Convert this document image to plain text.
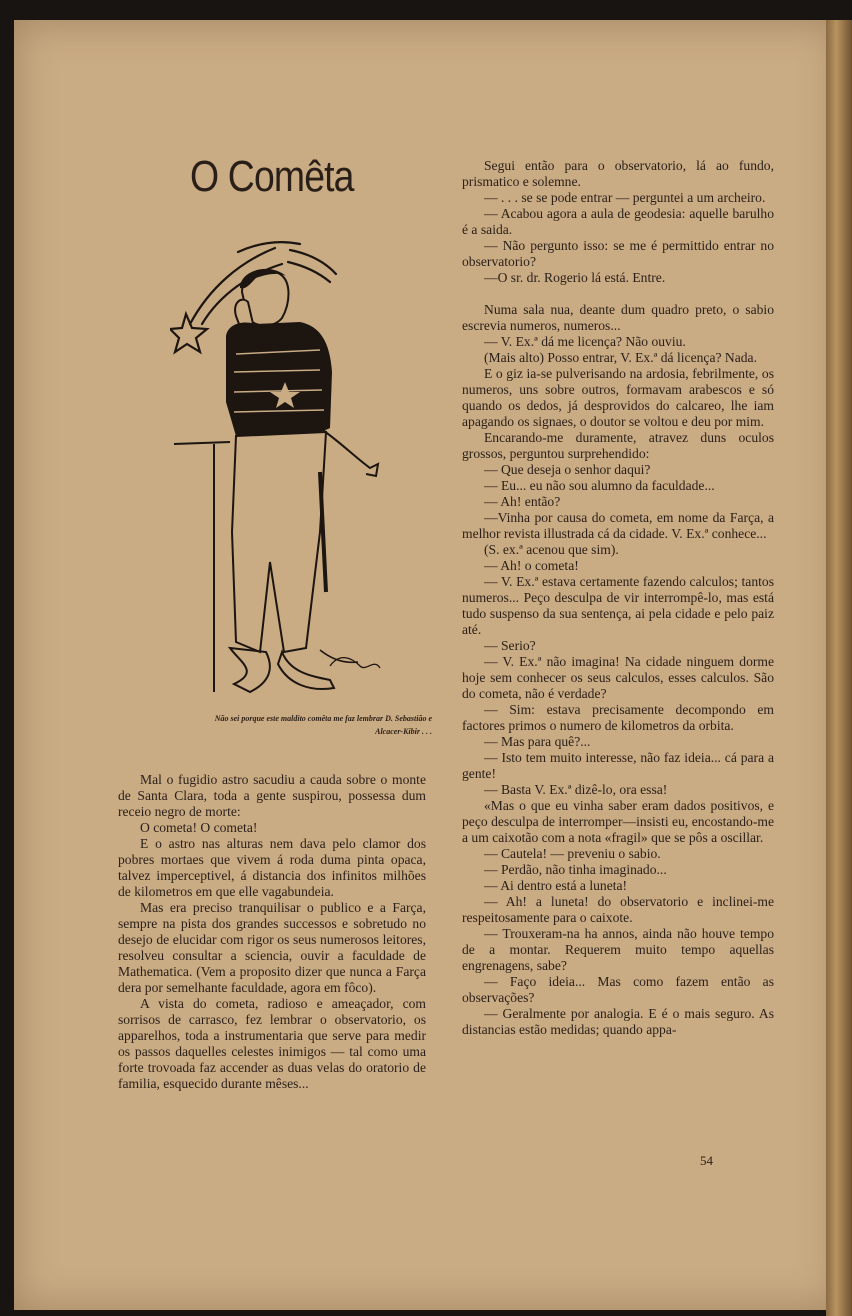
O Comêta
Não sei porque este maldito comêta me faz lembrar D. Sebastião e Alcacer-Kibir . . .

Mal o fugidio astro sacudiu a cauda sobre o monte de Santa Clara, toda a gente suspirou, possessa dum receio negro de morte:

O cometa! O cometa!

E o astro nas alturas nem dava pelo clamor dos pobres mortaes que vivem á roda duma pinta opaca, talvez imperceptivel, á distancia dos infinitos milhões de kilometros em que elle vagabundeia.

Mas era preciso tranquilisar o publico e a Farça, sempre na pista dos grandes successos e sobretudo no desejo de elucidar com rigor os seus numerosos leitores, resolveu consultar a sciencia, ouvir a faculdade de Mathematica. (Vem a proposito dizer que nunca a Farça dera por semelhante faculdade, agora em fôco).

A vista do cometa, radioso e ameaçador, com sorrisos de carrasco, fez lembrar o observatorio, os apparelhos, toda a instrumentaria que serve para medir os passos daquelles celestes inimigos — tal como uma forte trovoada faz accender as duas velas do oratorio de familia, esquecido durante mêses...

Segui então para o observatorio, lá ao fundo, prismatico e solemne.

— . . . se se pode entrar — perguntei a um archeiro.

— Acabou agora a aula de geodesia: aquelle barulho é a saida.

— Não pergunto isso: se me é permittido entrar no observatorio?

—O sr. dr. Rogerio lá está. Entre.

Numa sala nua, deante dum quadro preto, o sabio escrevia numeros, numeros...

— V. Ex.ª dá me licença? Não ouviu.

(Mais alto) Posso entrar, V. Ex.ª dá licença? Nada.

E o giz ia-se pulverisando na ardosia, febrilmente, os numeros, uns sobre outros, formavam arabescos e só quando os dedos, já desprovidos do calcareo, lhe iam apagando os signaes, o doutor se voltou e deu por mim.

Encarando-me duramente, atravez duns oculos grossos, perguntou surprehendido:

— Que deseja o senhor daqui?

— Eu... eu não sou alumno da faculdade...

— Ah! então?

—Vinha por causa do cometa, em nome da Farça, a melhor revista illustrada cá da cidade. V. Ex.ª conhece...

(S. ex.ª acenou que sim).

— Ah! o cometa!

— V. Ex.ª estava certamente fazendo calculos; tantos numeros... Peço desculpa de vir interrompê-lo, mas está tudo suspenso da sua sentença, ai pela cidade e pelo paiz até.

— Serio?

— V. Ex.ª não imagina! Na cidade ninguem dorme hoje sem conhecer os seus calculos, esses calculos. São do cometa, não é verdade?

— Sim: estava precisamente decompondo em factores primos o numero de kilometros da orbita.

— Mas para quê?...

— Isto tem muito interesse, não faz ideia... cá para a gente!

— Basta V. Ex.ª dizê-lo, ora essa!

«Mas o que eu vinha saber eram dados positivos, e peço desculpa de interromper—insisti eu, encostando-me a um caixotão com a nota «fragil» que se pôs a oscillar.

— Cautela! — preveniu o sabio.

— Perdão, não tinha imaginado...

— Ai dentro está a luneta!

— Ah! a luneta! do observatorio e inclinei-me respeitosamente para o caixote.

— Trouxeram-na ha annos, ainda não houve tempo de a montar. Requerem muito tempo aquellas engrenagens, sabe?

— Faço ideia... Mas como fazem então as observações?

— Geralmente por analogia. E é o mais seguro. As distancias estão medidas; quando appa-

54
